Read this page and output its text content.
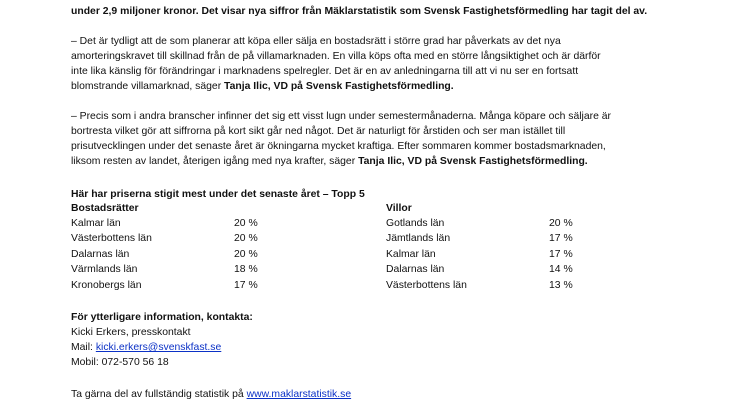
under 2,9 miljoner kronor. Det visar nya siffror från Mäklarstatistik som Svensk Fastighetsförmedling har tagit del av.
– Det är tydligt att de som planerar att köpa eller sälja en bostadsrätt i större grad har påverkats av det nya
amorteringskravet till skillnad från de på villamarknaden. En villa köps ofta med en större långsiktighet och är därför
inte lika känslig för förändringar i marknadens spelregler. Det är en av anledningarna till att vi nu ser en fortsatt
blomstrande villamarknad, säger Tanja Ilic, VD på Svensk Fastighetsförmedling.
– Precis som i andra branscher infinner det sig ett visst lugn under semestermånaderna. Många köpare och säljare är
bortresta vilket gör att siffrorna på kort sikt går ned något. Det är naturligt för årstiden och ser man istället till
prisutvecklingen under det senaste året är ökningarna mycket kraftiga. Efter sommaren kommer bostadsmarknaden,
liksom resten av landet, återigen igång med nya krafter, säger Tanja Ilic, VD på Svensk Fastighetsförmedling.
Här har priserna stigit mest under det senaste året – Topp 5
Bostadsrätter
Kalmar län	20 %
Västerbottens län	20 %
Dalarnas län	20 %
Värmlands län	18 %
Kronobergs län	17 %
Villor
Gotlands län	20 %
Jämtlands län	17 %
Kalmar län	17 %
Dalarnas län	14 %
Västerbottens län	13 %
För ytterligare information, kontakta:
Kicki Erkers, presskontakt
Mail: kicki.erkers@svenskfast.se
Mobil: 072-570 56 18
Ta gärna del av fullständig statistik på www.maklarstatistik.se
